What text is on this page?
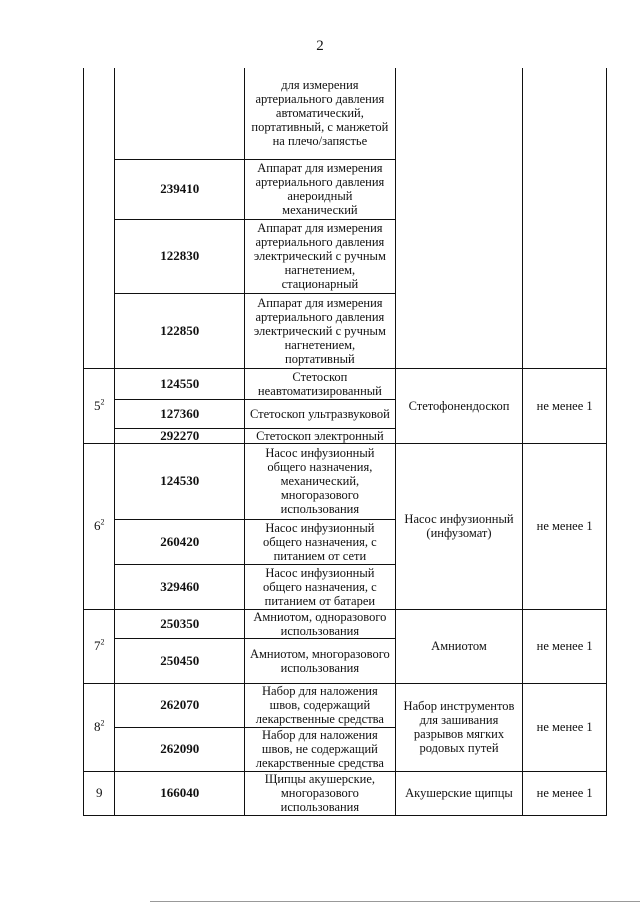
2
		для измерения артериального давления автоматический, портативный, с манжетой на плечо/запястье		
	239410	Аппарат для измерения артериального давления анероидный механический		
	122830	Аппарат для измерения артериального давления электрический с ручным нагнетением, стационарный		
	122850	Аппарат для измерения артериального давления электрический с ручным нагнетением, портативный		
$5^2$	124550	Стетоскоп неавтоматизированный	Стетофонендоскоп	не менее 1
	127360	Стетоскоп ультразвуковой		
	292270	Стетоскоп электронный		
$6^2$	124530	Насос инфузионный общего назначения, механический, многоразового использования	Насос инфузионный (инфузомат)	не менее 1
	260420	Насос инфузионный общего назначения, с питанием от сети		
	329460	Насос инфузионный общего назначения, с питанием от батареи		
$7^2$	250350	Амниотом, одноразового использования	Амниотом	не менее 1
	250450	Амниотом, многоразового использования		
$8^2$	262070	Набор для наложения швов, содержащий лекарственные средства	Набор инструментов для зашивания разрывов мягких родовых путей	не менее 1
	262090	Набор для наложения швов, не содержащий лекарственные средства		
9	166040	Щипцы акушерские, многоразового использования	Акушерские щипцы	не менее 1
